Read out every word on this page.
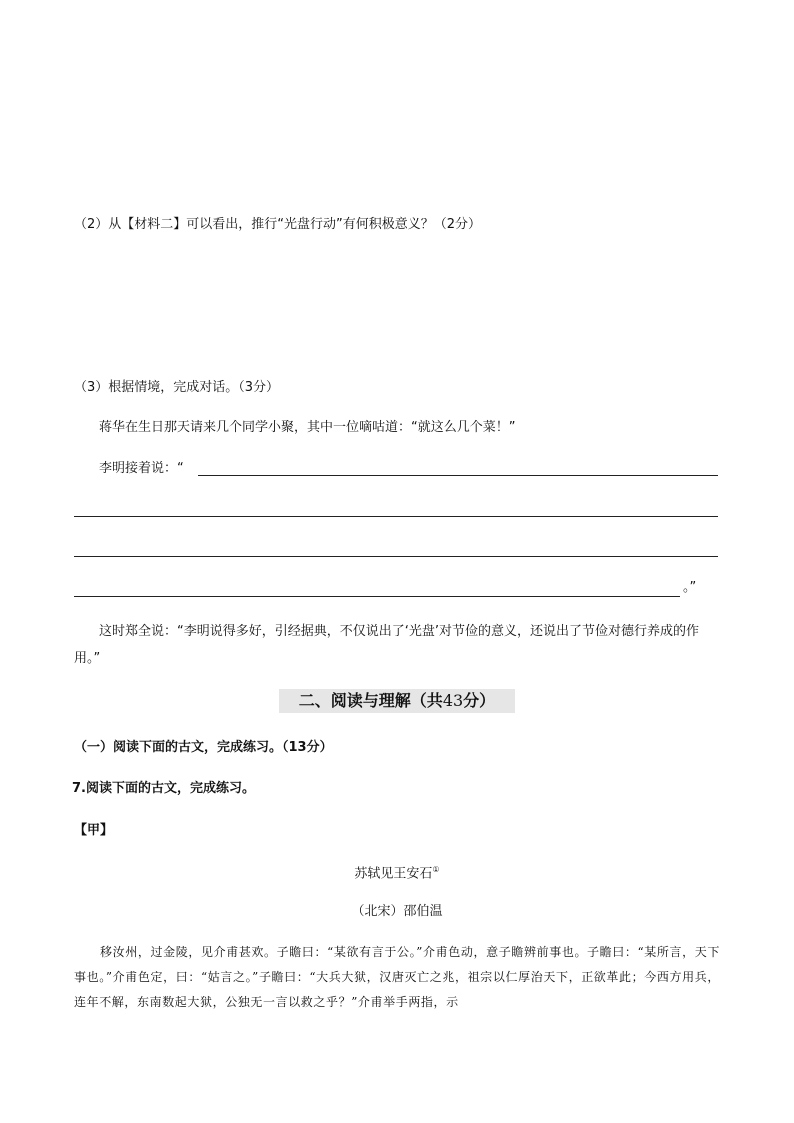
（2）从【材料二】可以看出，推行“光盘行动”有何积极意义？（2分）
（3）根据情境，完成对话。（3分）
蒋华在生日那天请来几个同学小聚，其中一位嘀咕道：“就这么几个菜！”
李明接着说：“
。”
这时郑全说：“李明说得多好，引经据典，不仅说出了‘光盘’对节俭的意义，还说出了节俭对德行养成的作用。”
二、阅读与理解（共43分）
（一）阅读下面的古文，完成练习。（13分）
7.阅读下面的古文，完成练习。
【甲】
苏轼见王安石①
（北宋）邵伯温
移汝州，过金陵，见介甫甚欢。子瞻曰：“某欲有言于公。”介甫色动，意子瞻辨前事也。子瞻曰：“某所言，天下事也。”介甫色定，曰：“姑言之。”子瞻曰：“大兵大狱，汉唐灭亡之兆，祖宗以仁厚治天下，正欲革此；今西方用兵，连年不解，东南数起大狱，公独无一言以救之乎？”介甫举手两指，示
